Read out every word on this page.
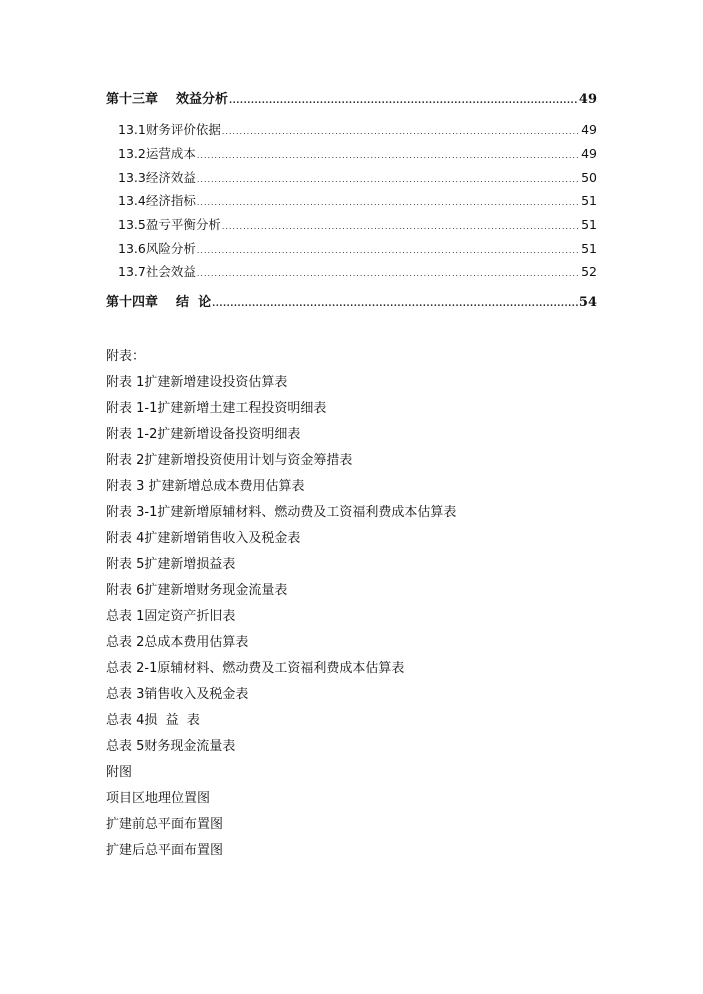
第十三章 效益分析 .....	49
13.1财务评价依据 .....	49
13.2运营成本 .....	49
13.3经济效益 .....	50
13.4经济指标 .....	51
13.5盈亏平衡分析 .....	51
13.6风险分析 .....	51
13.7社会效益 .....	52
第十四章 结  论 .....	54
附表：
附表 1扩建新增建设投资估算表
附表 1-1扩建新增土建工程投资明细表
附表 1-2扩建新增设备投资明细表
附表 2扩建新增投资使用计划与资金筹措表
附表 3 扩建新增总成本费用估算表
附表 3-1扩建新增原辅材料、燃动费及工资福利费成本估算表
附表 4扩建新增销售收入及税金表
附表 5扩建新增损益表
附表 6扩建新增财务现金流量表
总表 1固定资产折旧表
总表 2总成本费用估算表
总表 2-1原辅材料、燃动费及工资福利费成本估算表
总表 3销售收入及税金表
总表 4损  益  表
总表 5财务现金流量表
附图
项目区地理位置图
扩建前总平面布置图
扩建后总平面布置图
